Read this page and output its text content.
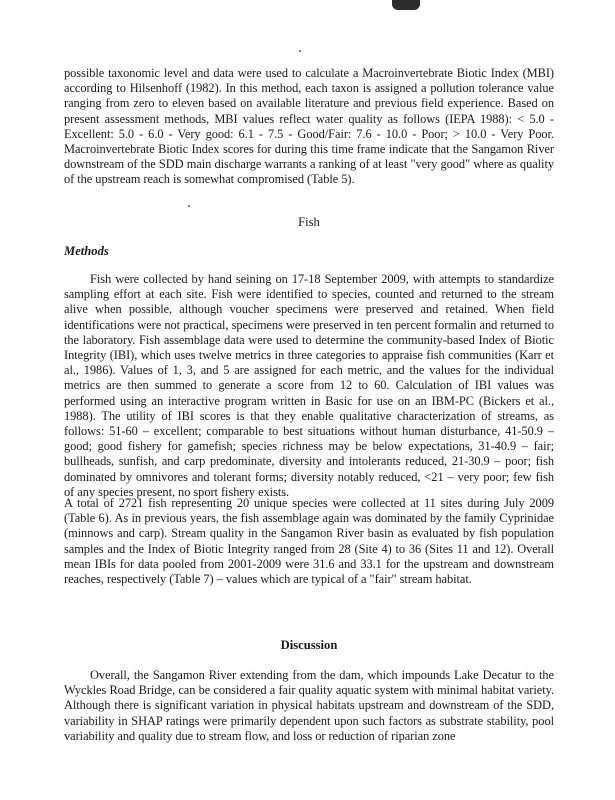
possible taxonomic level and data were used to calculate a Macroinvertebrate Biotic Index (MBI) according to Hilsenhoff (1982). In this method, each taxon is assigned a pollution tolerance value ranging from zero to eleven based on available literature and previous field experience. Based on present assessment methods, MBI values reflect water quality as follows (IEPA 1988): < 5.0 - Excellent: 5.0 - 6.0 - Very good: 6.1 - 7.5 - Good/Fair: 7.6 - 10.0 - Poor; > 10.0 - Very Poor. Macroinvertebrate Biotic Index scores for during this time frame indicate that the Sangamon River downstream of the SDD main discharge warrants a ranking of at least "very good" where as quality of the upstream reach is somewhat compromised (Table 5).

Fish

Methods

Fish were collected by hand seining on 17-18 September 2009, with attempts to standardize sampling effort at each site. Fish were identified to species, counted and returned to the stream alive when possible, although voucher specimens were preserved and retained. When field identifications were not practical, specimens were preserved in ten percent formalin and returned to the laboratory. Fish assemblage data were used to determine the community-based Index of Biotic Integrity (IBI), which uses twelve metrics in three categories to appraise fish communities (Karr et al., 1986). Values of 1, 3, and 5 are assigned for each metric, and the values for the individual metrics are then summed to generate a score from 12 to 60. Calculation of IBI values was performed using an interactive program written in Basic for use on an IBM-PC (Bickers et al., 1988). The utility of IBI scores is that they enable qualitative characterization of streams, as follows: 51-60 – excellent; comparable to best situations without human disturbance, 41-50.9 – good; good fishery for gamefish; species richness may be below expectations, 31-40.9 – fair; bullheads, sunfish, and carp predominate, diversity and intolerants reduced, 21-30.9 – poor; fish dominated by omnivores and tolerant forms; diversity notably reduced, <21 – very poor; few fish of any species present, no sport fishery exists.

A total of 2721 fish representing 20 unique species were collected at 11 sites during July 2009 (Table 6). As in previous years, the fish assemblage again was dominated by the family Cyprinidae (minnows and carp). Stream quality in the Sangamon River basin as evaluated by fish population samples and the Index of Biotic Integrity ranged from 28 (Site 4) to 36 (Sites 11 and 12). Overall mean IBIs for data pooled from 2001-2009 were 31.6 and 33.1 for the upstream and downstream reaches, respectively (Table 7) – values which are typical of a "fair" stream habitat.

Discussion

Overall, the Sangamon River extending from the dam, which impounds Lake Decatur to the Wyckles Road Bridge, can be considered a fair quality aquatic system with minimal habitat variety. Although there is significant variation in physical habitats upstream and downstream of the SDD, variability in SHAP ratings were primarily dependent upon such factors as substrate stability, pool variability and quality due to stream flow, and loss or reduction of riparian zone
